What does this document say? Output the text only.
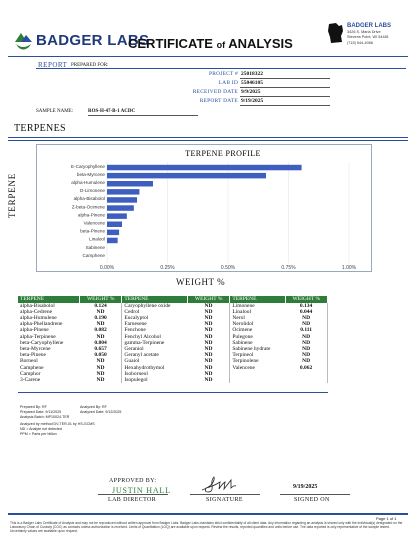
BADGER LABS
CERTIFICATE of ANALYSIS
BADGER LABS
3426 S. Maria Drive
Stevens Point, WI 54481
(715) 544-4066
REPORT PREPARED FOR:
PROJECT # 25018322
LAB ID 55046105
RECEIVED DATE 9/9/2025
REPORT DATE 9/19/2025
SAMPLE NAME:	ROS-H-47-B-1 ACDC
TERPENES
TERPENE PROFILE
0.00%	0.25%	0.50%	0.75%	1.00%
E-Caryophyllene
beta-Myrcene
alpha-Humulene
D-Limonene
alpha-Bisabolol
Z-beta-Ocimene
alpha-Pinene
Valencene
beta-Pinene
Linalool
Sabinene
Camphene
TERPENE
WEIGHT %
TERPENE	WEIGHT %	TERPENE	WEIGHT %	TERPENE	WEIGHT %
alpha-Bisabolol	0.124	Caryophyllene oxide	ND	Limonene	0.134
alpha-Cedrene	ND	Cedrol	ND	Linalool	0.044
alpha-Humulene	0.190	Eucalyptol	ND	Nerol	ND
alpha-Phellandrene	ND	Farnesene	ND	Nerolidol	ND
alpha-Pinene	0.082	Fenchone	ND	Ocimene	0.111
alpha-Terpinene	ND	Fenchyl Alcohol	ND	Pulegone	ND
beta-Caryophyllene	0.804	gamma-Terpinene	ND	Sabinene	ND
beta-Myrcene	0.657	Geraniol	ND	Sabinene hydrate	ND
beta-Pinene	0.050	Geranyl acetate	ND	Terpineol	ND
Borneol	ND	Guaiol	ND	Terpinolene	ND
Camphene	ND	Hexahydrothymol	ND	Valencene	0.062
Camphor	ND	Isoborneol	ND		
3-Carene	ND	Isopulegol	ND		
Prepared By: RF	Analyzed By: RF
Prepared Date: 9/11/2025	Analyzed Date: 9/12/2025
Analysis Batch: MP10024-TER
Analyzed by method DV-TER-01 by HS-GCMS
ND = Analyte not detected
PPM = Parts per billion
APPROVED BY:
JUSTIN HALL
LAB DIRECTOR	SIGNATURE
9/19/2025
SIGNED ON
Page 1 of 1
This is a Badger Labs Certificate of Analysis and may not be reproduced without written approval from Badger Labs. Badger Labs maintains strict confidentiality of all client data. Any information regarding an analysis is shared only with the individual(s) designated on the Laboratory Chain of Custody (COC) as contacts unless authorization is received. Limits of Quantitation (LOQ) are available upon request. Review the results, reported quantities and units before use. The data reported is only representative of the sample tested. Uncertainty values are available upon request.
